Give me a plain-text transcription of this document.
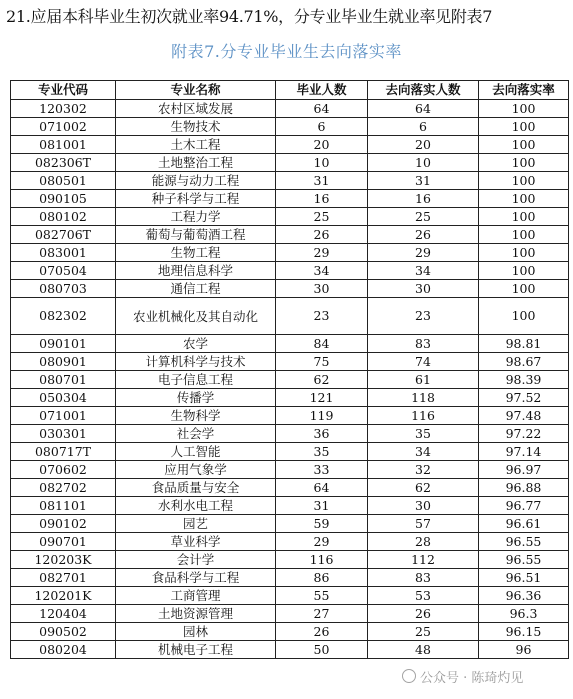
21.应届本科毕业生初次就业率94.71%，分专业毕业生就业率见附表7
附表7.分专业毕业生去向落实率
专业代码	专业名称	毕业人数	去向落实人数	去向落实率
120302	农村区域发展	64	64	100
071002	生物技术	6	6	100
081001	土木工程	20	20	100
082306T	土地整治工程	10	10	100
080501	能源与动力工程	31	31	100
090105	种子科学与工程	16	16	100
080102	工程力学	25	25	100
082706T	葡萄与葡萄酒工程	26	26	100
083001	生物工程	29	29	100
070504	地理信息科学	34	34	100
080703	通信工程	30	30	100
082302	农业机械化及其自动化	23	23	100
090101	农学	84	83	98.81
080901	计算机科学与技术	75	74	98.67
080701	电子信息工程	62	61	98.39
050304	传播学	121	118	97.52
071001	生物科学	119	116	97.48
030301	社会学	36	35	97.22
080717T	人工智能	35	34	97.14
070602	应用气象学	33	32	96.97
082702	食品质量与安全	64	62	96.88
081101	水利水电工程	31	30	96.77
090102	园艺	59	57	96.61
090701	草业科学	29	28	96.55
120203K	会计学	116	112	96.55
082701	食品科学与工程	86	83	96.51
120201K	工商管理	55	53	96.36
120404	土地资源管理	27	26	96.3
090502	园林	26	25	96.15
080204	机械电子工程	50	48	96
公众号 · 陈琦灼见
